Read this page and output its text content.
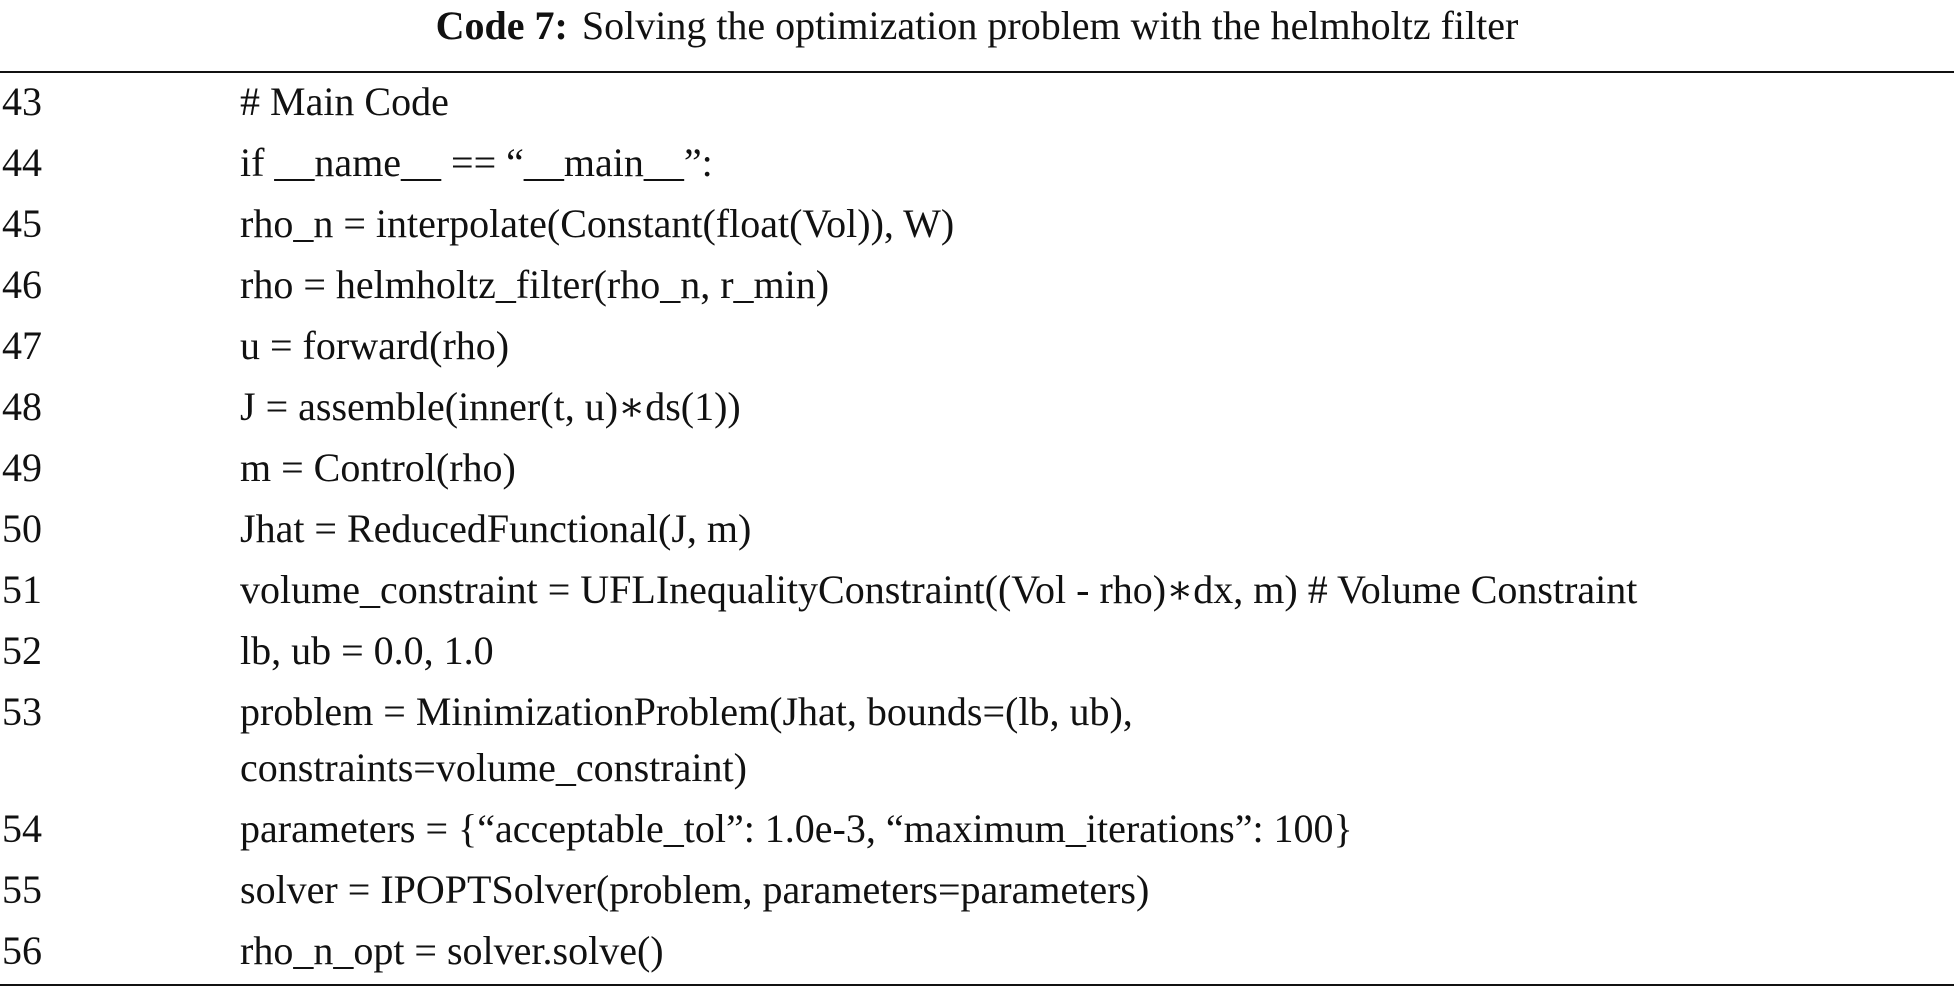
Code 7: Solving the optimization problem with the helmholtz filter
43	# Main Code
44	if __name__ == “__main__”:
45	rho_n = interpolate(Constant(float(Vol)), W)
46	rho = helmholtz_filter(rho_n, r_min)
47	u = forward(rho)
48	J = assemble(inner(t, u)∗ds(1))
49	m = Control(rho)
50	Jhat = ReducedFunctional(J, m)
51	volume_constraint = UFLInequalityConstraint((Vol - rho)∗dx, m) # Volume Constraint
52	lb, ub = 0.0, 1.0
53	problem = MinimizationProblem(Jhat, bounds=(lb, ub),
constraints=volume_constraint)
54	parameters = {“acceptable_tol”: 1.0e-3, “maximum_iterations”: 100}
55	solver = IPOPTSolver(problem, parameters=parameters)
56	rho_n_opt = solver.solve()
